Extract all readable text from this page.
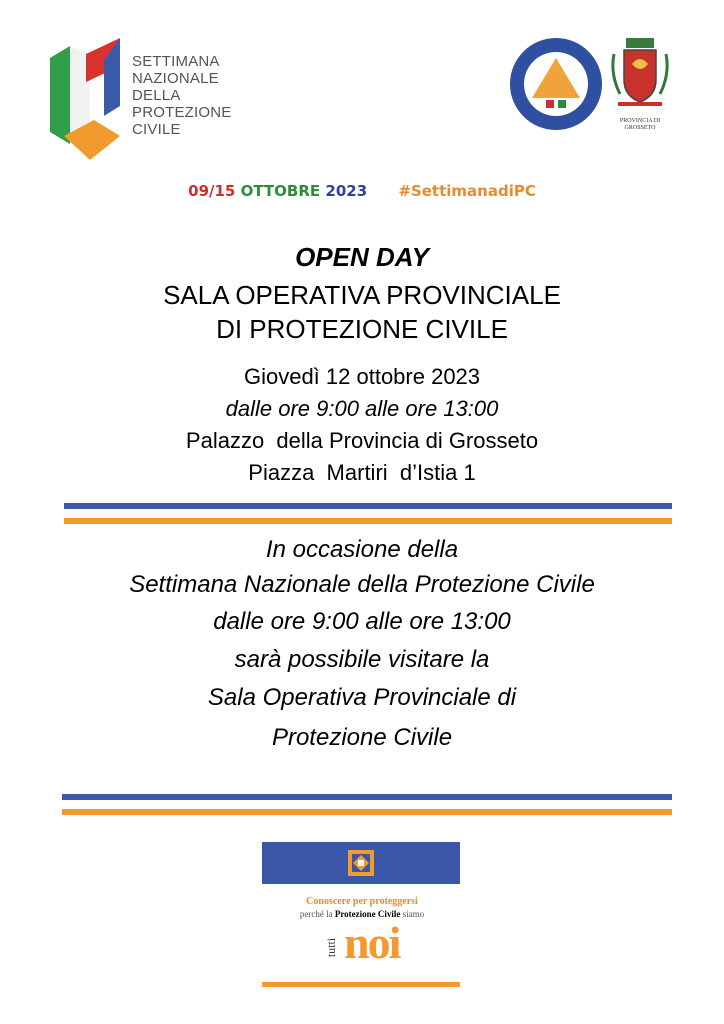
SETTIMANA
NAZIONALE
DELLA
PROTEZIONE
CIVILE	PROVINCIA DI
GROSSETO
09/15 OTTOBRE 2023 #SettimanadiPC
OPEN DAY
SALA OPERATIVA PROVINCIALE
DI PROTEZIONE CIVILE
Giovedì 12 ottobre 2023
dalle ore 9:00 alle ore 13:00
Palazzo  della Provincia di Grosseto
Piazza  Martiri  d’Istia 1
In occasione della
Settimana Nazionale della Protezione Civile
dalle ore 9:00 alle ore 13:00
sarà possibile visitare la
Sala Operativa Provinciale di
Protezione Civile
Conoscere per proteggersi
perché la Protezione Civile siamo
tutti noi
